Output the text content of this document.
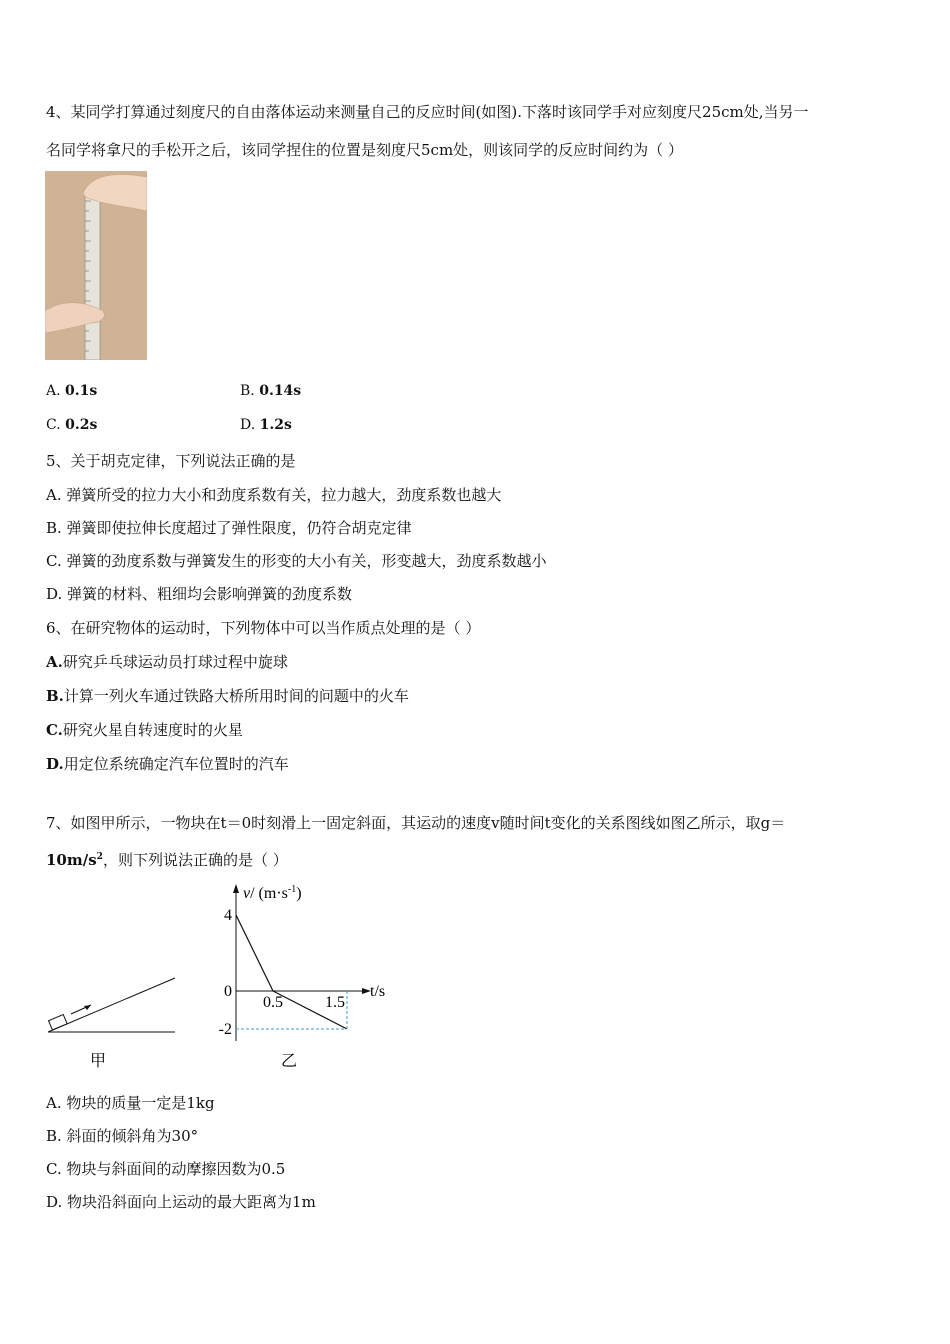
4、某同学打算通过刻度尺的自由落体运动来测量自己的反应时间(如图).下落时该同学手对应刻度尺25cm处,当另一
名同学将拿尺的手松开之后，该同学捏住的位置是刻度尺5cm处，则该同学的反应时间约为（ ）
A. 0.1s	B. 0.14s
C. 0.2s	D. 1.2s
5、关于胡克定律，下列说法正确的是
A. 弹簧所受的拉力大小和劲度系数有关，拉力越大，劲度系数也越大
B. 弹簧即使拉伸长度超过了弹性限度，仍符合胡克定律
C. 弹簧的劲度系数与弹簧发生的形变的大小有关，形变越大，劲度系数越小
D. 弹簧的材料、粗细均会影响弹簧的劲度系数
6、在研究物体的运动时，下列物体中可以当作质点处理的是（ ）
A.研究乒乓球运动员打球过程中旋球
B.计算一列火车通过铁路大桥所用时间的问题中的火车
C.研究火星自转速度时的火星
D.用定位系统确定汽车位置时的汽车
7、如图甲所示，一物块在t＝0时刻滑上一固定斜面，其运动的速度v随时间t变化的关系图线如图乙所示，取g＝
$10m/s^2$，则下列说法正确的是（ ）
甲
4
0
-2
0.5	1.5
t/s
v/ $(m\cdot s^{-1})$
乙
A. 物块的质量一定是1kg
B. 斜面的倾斜角为30°
C. 物块与斜面间的动摩擦因数为0.5
D. 物块沿斜面向上运动的最大距离为1m
